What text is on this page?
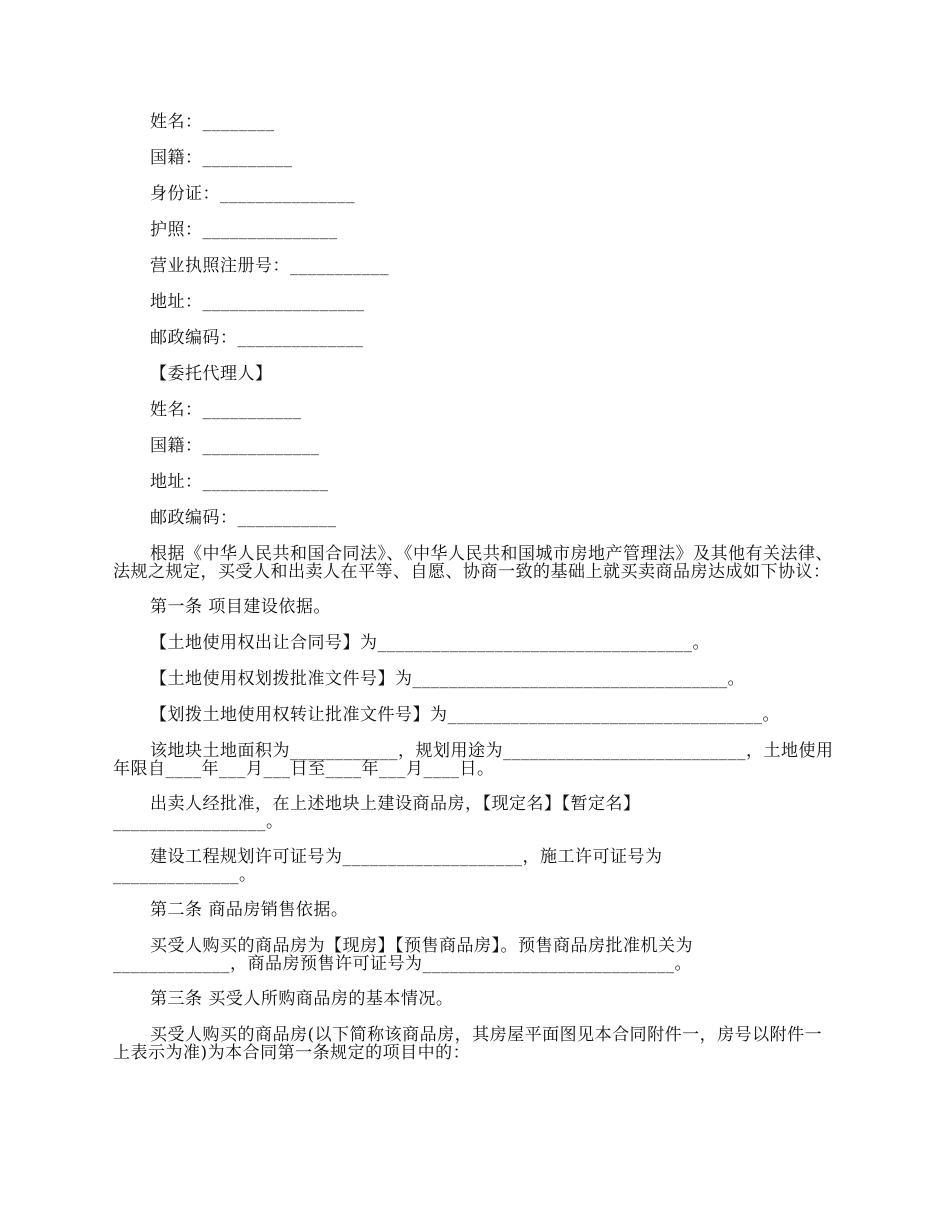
姓名：________

国籍：__________

身份证：_______________

护照：_______________

营业执照注册号：___________

地址：__________________

邮政编码：______________

【委托代理人】

姓名：___________

国籍：_____________

地址：______________

邮政编码：___________

根据《中华人民共和国合同法》、《中华人民共和国城市房地产管理法》及其他有关法律、法规之规定，买受人和出卖人在平等、自愿、协商一致的基础上就买卖商品房达成如下协议：

第一条 项目建设依据。

【土地使用权出让合同号】为___________________________________。

【土地使用权划拨批准文件号】为___________________________________。

【划拨土地使用权转让批准文件号】为___________________________________。

该地块土地面积为____________，规划用途为___________________________，土地使用年限自____年___月___日至____年___月____日。

出卖人经批准，在上述地块上建设商品房，【现定名】【暂定名】_________________。

建设工程规划许可证号为____________________，施工许可证号为______________。

第二条 商品房销售依据。

买受人购买的商品房为【现房】【预售商品房】。预售商品房批准机关为_____________，商品房预售许可证号为____________________________。

第三条 买受人所购商品房的基本情况。

买受人购买的商品房(以下简称该商品房，其房屋平面图见本合同附件一，房号以附件一上表示为准)为本合同第一条规定的项目中的：
